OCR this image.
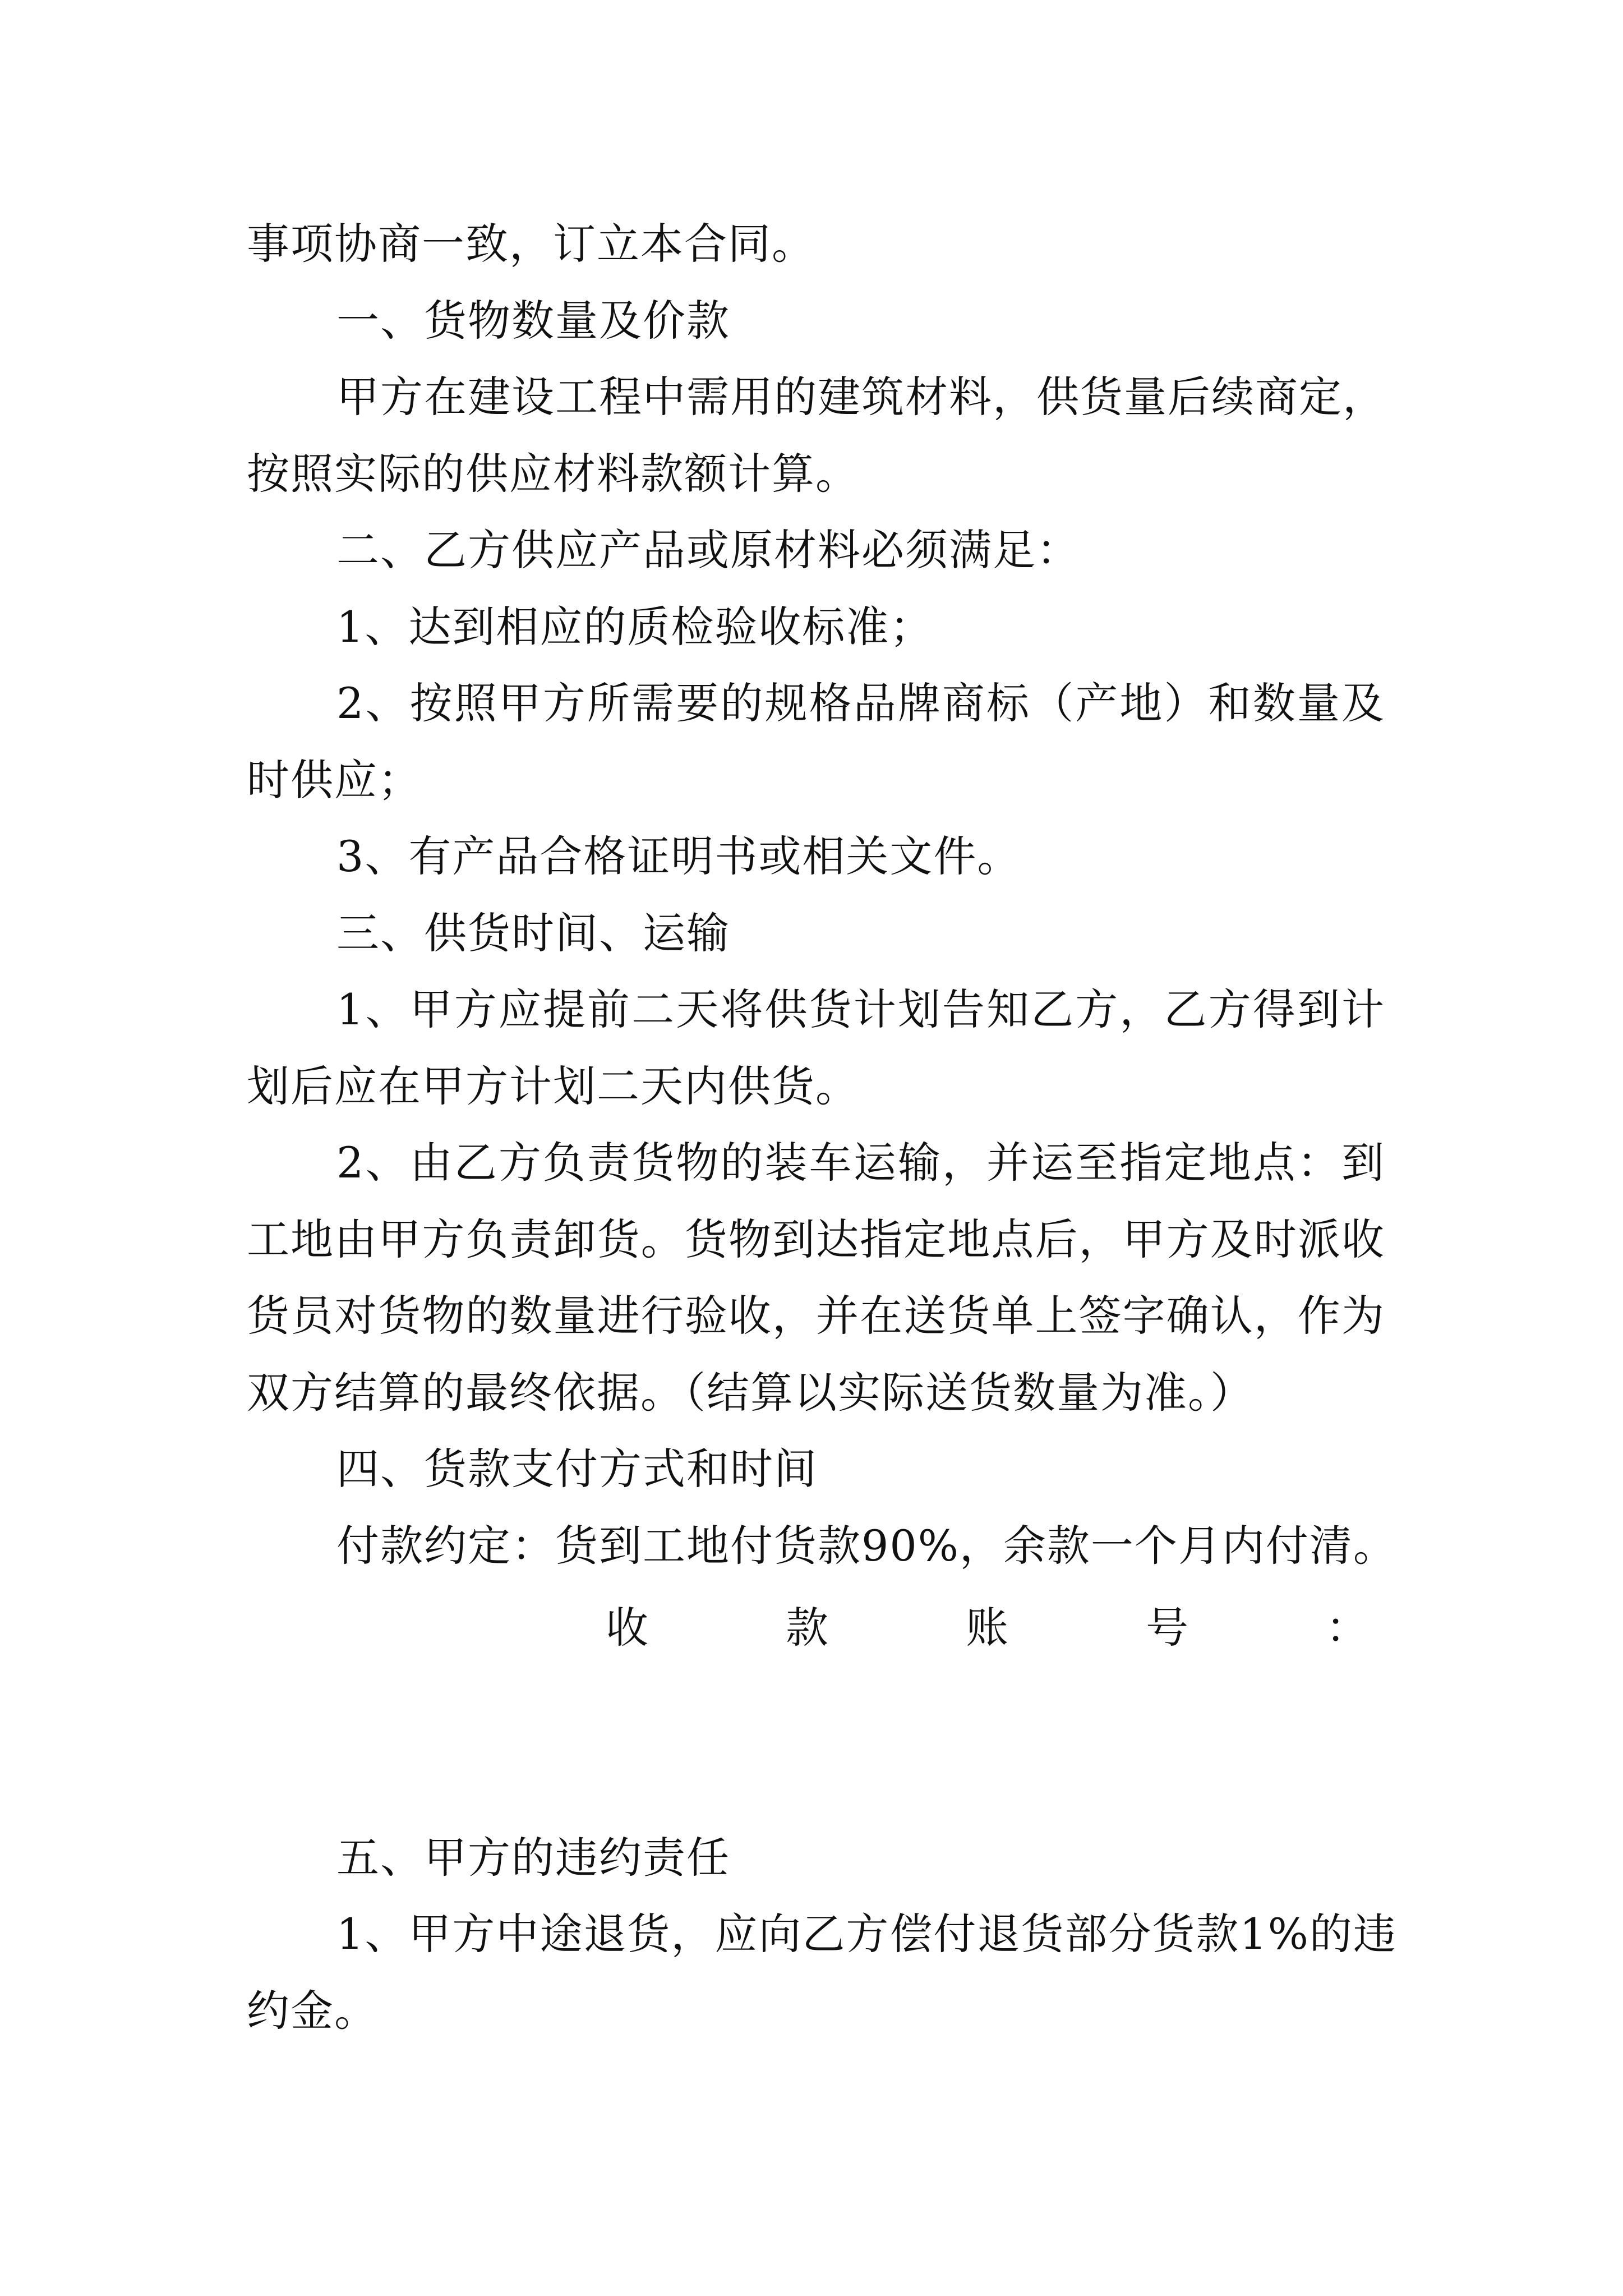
事项协商一致，订立本合同。
一、货物数量及价款
甲方在建设工程中需用的建筑材料，供货量后续商定，
按照实际的供应材料款额计算。
二、乙方供应产品或原材料必须满足：
1、达到相应的质检验收标准；
2、按照甲方所需要的规格品牌商标（产地）和数量及
时供应；
3、有产品合格证明书或相关文件。
三、供货时间、运输
1、甲方应提前二天将供货计划告知乙方，乙方得到计
划后应在甲方计划二天内供货。
2、由乙方负责货物的装车运输，并运至指定地点：到
工地由甲方负责卸货。货物到达指定地点后，甲方及时派收
货员对货物的数量进行验收，并在送货单上签字确认，作为
双方结算的最终依据。（结算以实际送货数量为准。）
四、货款支付方式和时间
付款约定：货到工地付货款90%，余款一个月内付清。
收	款	账	号	：
五、甲方的违约责任
1、甲方中途退货，应向乙方偿付退货部分货款1%的违
约金。
